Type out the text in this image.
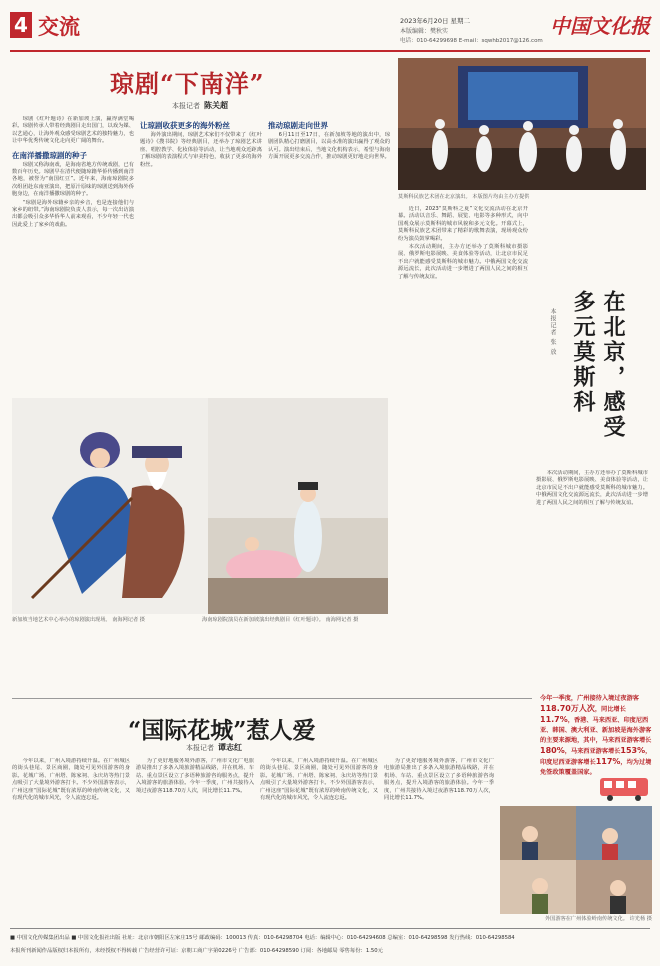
4 交流	2023年6月20日 星期二
本版编辑：樊秋实
电话：010-64299698 E-mail：sqwhb2017@126.com
中国文化报
琼剧“下南洋”
本报记者 陈关超

琼剧《红叶题诗》在新加坡上演，赢得满堂喝彩。琼剧传承人带着经典剧目走出国门，以戏为媒、以艺通心，让海外观众感受琼剧艺术的独特魅力，也让中华优秀传统文化走向更广阔的舞台。

在南洋播撒琼剧的种子

琼剧又称海南戏，是海南省地方传统戏剧，已有数百年历史。琼剧早在清代便随琼籍华侨传播到南洋各地，被誉为“南国红豆”。近年来，海南琼剧院多次组团赴东南亚演出，把原汁原味的琼剧送到海外侨胞身边，在南洋播撒琼剧的种子。

“琼剧是海外琼籍乡亲的乡音，也是连接他们与家乡的纽带。”海南琼剧院负责人表示，每一次出访演出都会吸引众多华侨华人前来观看，不少年轻一代也因此爱上了家乡的戏曲。

让琼剧收获更多的海外粉丝

海外演出期间，琼剧艺术家们不仅带来了《红叶题诗》《搜书院》等经典剧目，还举办了琼剧艺术讲座、唱腔教学、化妆体验等活动，让当地观众近距离了解琼剧的表演程式与审美特色，收获了更多的海外粉丝。

推动琼剧走向世界

6月11日至17日，在新加坡等地的演出中，琼剧团队精心打磨剧目，以高水准的演出赢得了观众的认可。演出结束后，当地文化机构表示，希望与海南方面开展更多交流合作，推动琼剧更好地走向世界。

莫斯科民族艺术团在北京演出。 本版图片均由主办方提供

近日，2023“莫斯科之夏”文化交流活动在北京开幕。活动以音乐、舞蹈、展览、电影等多种形式，向中国观众展示莫斯科的城市风貌和多元文化。开幕式上，莫斯科民族艺术团带来了精彩的歌舞表演，现场观众纷纷为演员鼓掌喝彩。

本次活动期间，主办方还举办了莫斯科城市摄影展、俄罗斯电影展映、美食体验等活动，让北京市民足不出户就能感受莫斯科的城市魅力。中俄两国文化交流源远流长，此次活动进一步增进了两国人民之间的相互了解与传统友谊。

在北京，感受多元莫斯科
本报记者 张 放

本次活动期间，主办方还举办了莫斯科城市摄影展、俄罗斯电影展映、美食体验等活动，让北京市民足不出户就能感受莫斯科的城市魅力。中俄两国文化交流源远流长，此次活动进一步增进了两国人民之间的相互了解与传统友谊。

新加坡当地艺术中心举办的琼剧演出现场。 南海网记者 摄	海南琼剧院演员在新加坡演出经典剧目《红叶题诗》。 南海网记者 摄
“国际花城”惹人爱
本报记者 谭志红

今年以来，广州入境游持续升温。在广州城区的街头巷尾、景区商圈，随处可见外国游客的身影。花城广场、广州塔、陈家祠、永庆坊等热门景点吸引了大量境外游客打卡。不少外国游客表示，广州这座“国际花城”既有浓厚的岭南传统文化，又有现代化的城市风光，令人流连忘返。

为了更好地服务境外游客，广州市文化广电旅游局推出了多条入境旅游精品线路，并在机场、车站、重点景区设立了多语种旅游咨询服务点，提升入境游客的旅游体验。今年一季度，广州共接待入境过夜游客118.70万人次，同比增长11.7%。

今年以来，广州入境游持续升温。在广州城区的街头巷尾、景区商圈，随处可见外国游客的身影。花城广场、广州塔、陈家祠、永庆坊等热门景点吸引了大量境外游客打卡。不少外国游客表示，广州这座“国际花城”既有浓厚的岭南传统文化，又有现代化的城市风光，令人流连忘返。

为了更好地服务境外游客，广州市文化广电旅游局推出了多条入境旅游精品线路，并在机场、车站、重点景区设立了多语种旅游咨询服务点，提升入境游客的旅游体验。今年一季度，广州共接待入境过夜游客118.70万人次，同比增长11.7%。

今年一季度，广州接待入境过夜游客118.70万人次，同比增长11.7%，香港、马来西亚、印度尼西亚、韩国、澳大利亚、新加坡是海外游客的主要来源地，其中，马来西亚游客增长180%，马来西亚游客增长153%，印度尼西亚游客增长117%，均为过境免签政策覆盖国家。
外国游客在广州体验岭南传统文化。 许光杨 摄
■ 中国文化传媒集团出品 ■ 中国文化报社出版 社址：北京市朝阳区左家庄15号 邮政编码：100013 传真：010-64298704 电话：编辑中心：010-64294608 总编室：010-64298598 发行热线：010-64298584
本报所刊新闻作品版权归本报所有，未经授权不得转载 广告经营许可证：京朝工商广字第0226号 广告部：010-64298590 订阅：各地邮局 零售每份：1.50元
